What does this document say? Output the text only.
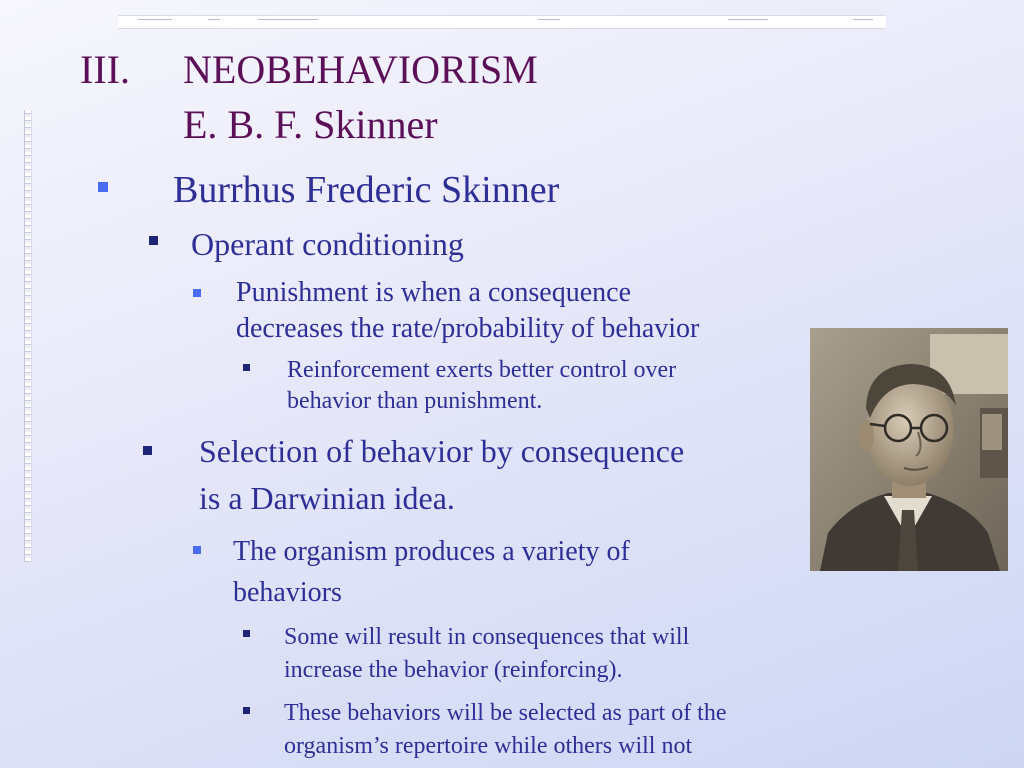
III. NEOBEHAVIORISM
E. B. F. Skinner
Burrhus Frederic Skinner
Operant conditioning
Punishment is when a consequence
decreases the rate/probability of behavior
Reinforcement exerts better control over
behavior than punishment.
Selection of behavior by consequence
is a Darwinian idea.
The organism produces a variety of
behaviors
Some will result in consequences that will
increase the behavior (reinforcing).
These behaviors will be selected as part of the
organism’s repertoire while others will not
